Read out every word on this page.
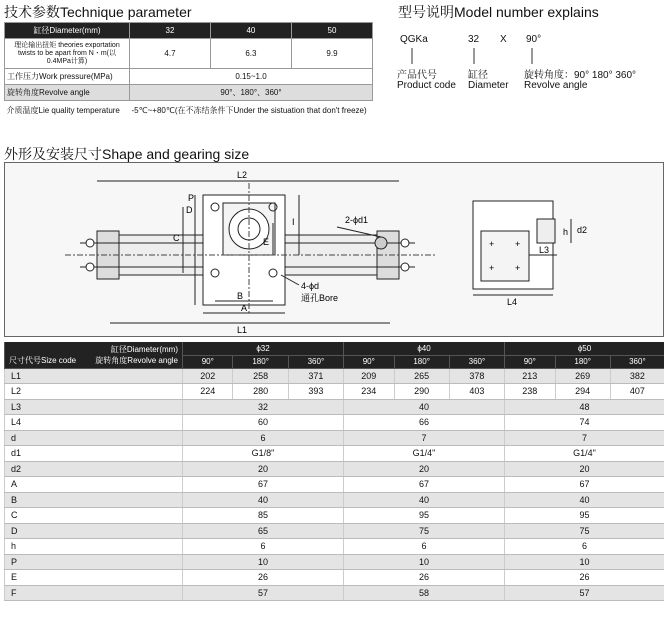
技术参数Technique parameter	型号说明Model number explains
缸径Diameter(mm)	32	40	50
理论输出扭矩 theories exportation twists to be apart from N・m(以0.4MPa计算)	4.7	6.3	9.9
工作压力Work pressure(MPa)	0.15~1.0		
旋转角度Revolve angle	90°、180°、360°		
介质温度Lie quality temperature	-5℃~+80℃(在不冻结条件下Under the sistuation that don't freeze)		
QGKa	32 X 90°
产品代号	缸径	旋转角度：90° 180° 360°
Product code Diameter Revolve angle
外形及安装尺寸Shape and gearing size
L2
L1
A
B
C
D
P
E
I	2-ϕd1
4-ϕd
通孔Bore
+ +
+ +
L3
L4
h d2
缸径Diameter(mm)
尺寸代号Size code 旋转角度Revolve angle	ϕ32			ϕ40			ϕ50		
	90°	180°	360°	90°	180°	360°	90°	180°	360°
L1	202	258	371	209	265	378	213	269	382
L2	224	280	393	234	290	403	238	294	407
L3	32			40			48		
L4	60			66			74		
d	6			7			7		
d1	G1/8"			G1/4"			G1/4"		
d2	20			20			20		
A	67			67			67		
B	40			40			40		
C	85			95			95		
D	65			75			75		
h	6			6			6		
P	10			10			10		
E	26			26			26		
F	57			58			57		
